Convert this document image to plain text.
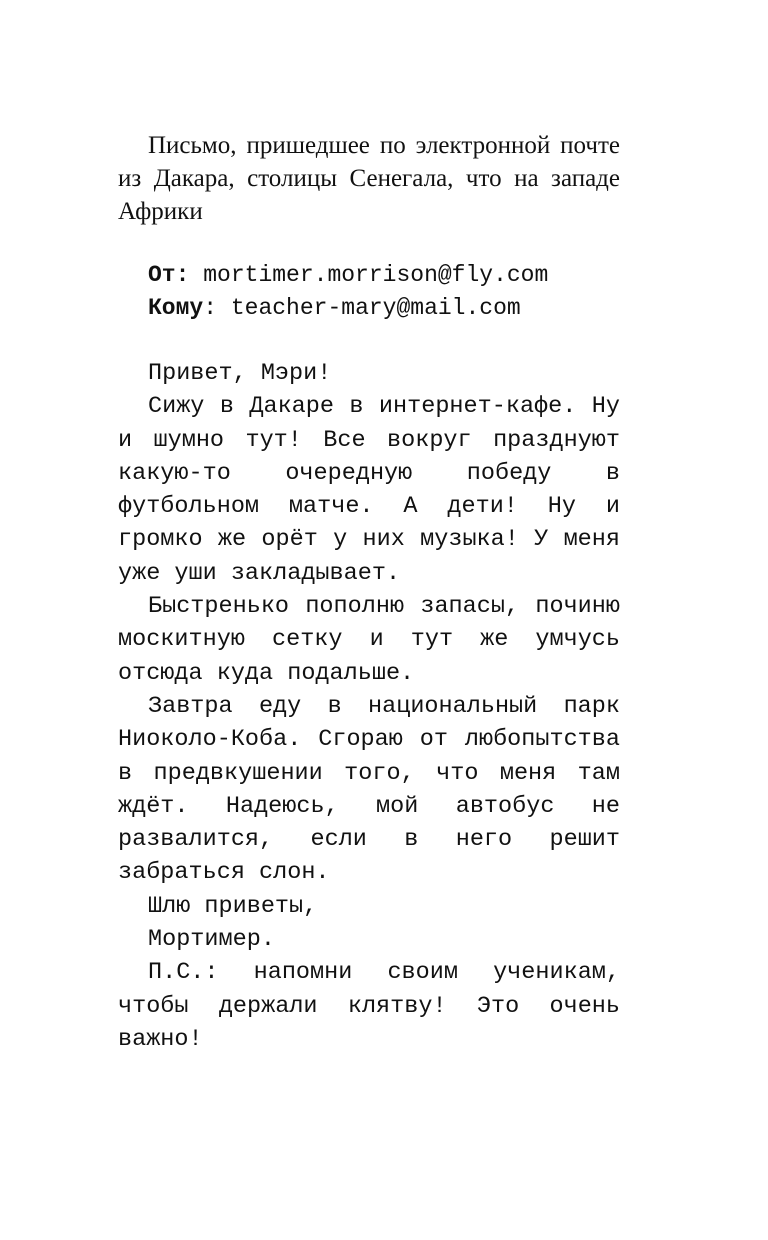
Письмо, пришедшее по электронной почте из Дакара, столицы Сенегала, что на западе Африки

От: mortimer.morrison@fly.com
Кому: teacher-mary@mail.com

Привет, Мэри!

Сижу в Дакаре в интернет-кафе. Ну и шумно тут! Все вокруг празднуют какую-то очередную победу в футбольном матче. А дети! Ну и громко же орёт у них музыка! У меня уже уши закладывает.

Быстренько пополню запасы, починю москитную сетку и тут же умчусь отсюда куда подальше.

Завтра еду в национальный парк Ниоколо-Коба. Сгораю от любопытства в предвкушении того, что меня там ждёт. Надеюсь, мой автобус не развалится, если в него решит забраться слон.

Шлю приветы,

Мортимер.

П.С.: напомни своим ученикам, чтобы держали клятву! Это очень важно!
